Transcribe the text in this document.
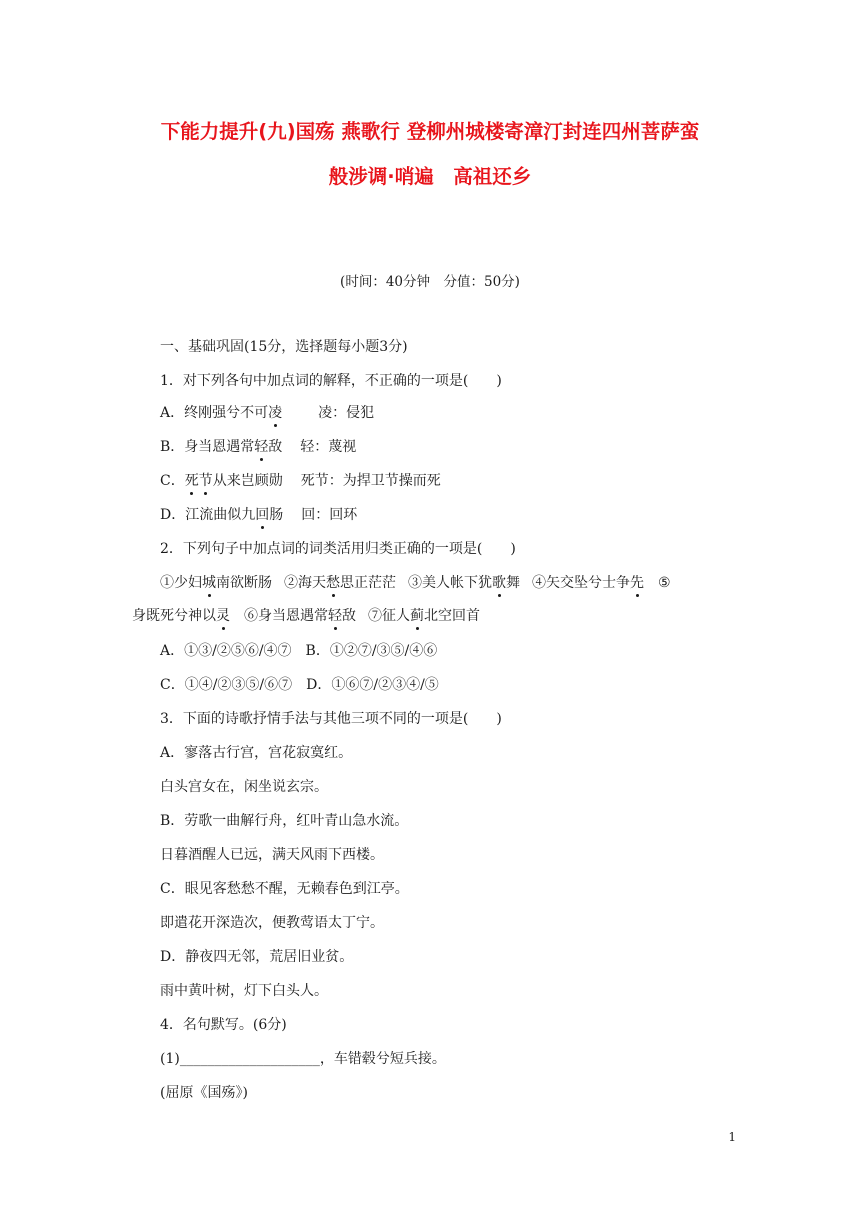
下能力提升(九)国殇 燕歌行 登柳州城楼寄漳汀封连四州菩萨蛮
般涉调·哨遍　高祖还乡
(时间：40分钟　分值：50分)
一、基础巩固(15分，选择题每小题3分)
1．对下列各句中加点词的解释，不正确的一项是(　　)
A．终刚强兮不可凌	凌：侵犯
B．身当恩遇常轻敌 轻：蔑视
C．死节从来岂顾勋 死节：为捍卫节操而死
D．江流曲似九回肠 回：回环
2．下列句子中加点词的词类活用归类正确的一项是(　　)
①少妇城南欲断肠 ②海天愁思正茫茫 ③美人帐下犹歌舞 ④矢交坠兮士争先 ⑤
身既死兮神以灵 ⑥身当恩遇常轻敌 ⑦征人蓟北空回首
A．①③/②⑤⑥/④⑦　B．①②⑦/③⑤/④⑥
C．①④/②③⑤/⑥⑦　D．①⑥⑦/②③④/⑤
3．下面的诗歌抒情手法与其他三项不同的一项是(　　)
A．寥落古行宫，宫花寂寞红。
白头宫女在，闲坐说玄宗。
B．劳歌一曲解行舟，红叶青山急水流。
日暮酒醒人已远，满天风雨下西楼。
C．眼见客愁愁不醒，无赖春色到江亭。
即遣花开深造次，便教莺语太丁宁。
D．静夜四无邻，荒居旧业贫。
雨中黄叶树，灯下白头人。
4．名句默写。(6分)
(1)____________________，车错毂兮短兵接。
(屈原《国殇》)
1
